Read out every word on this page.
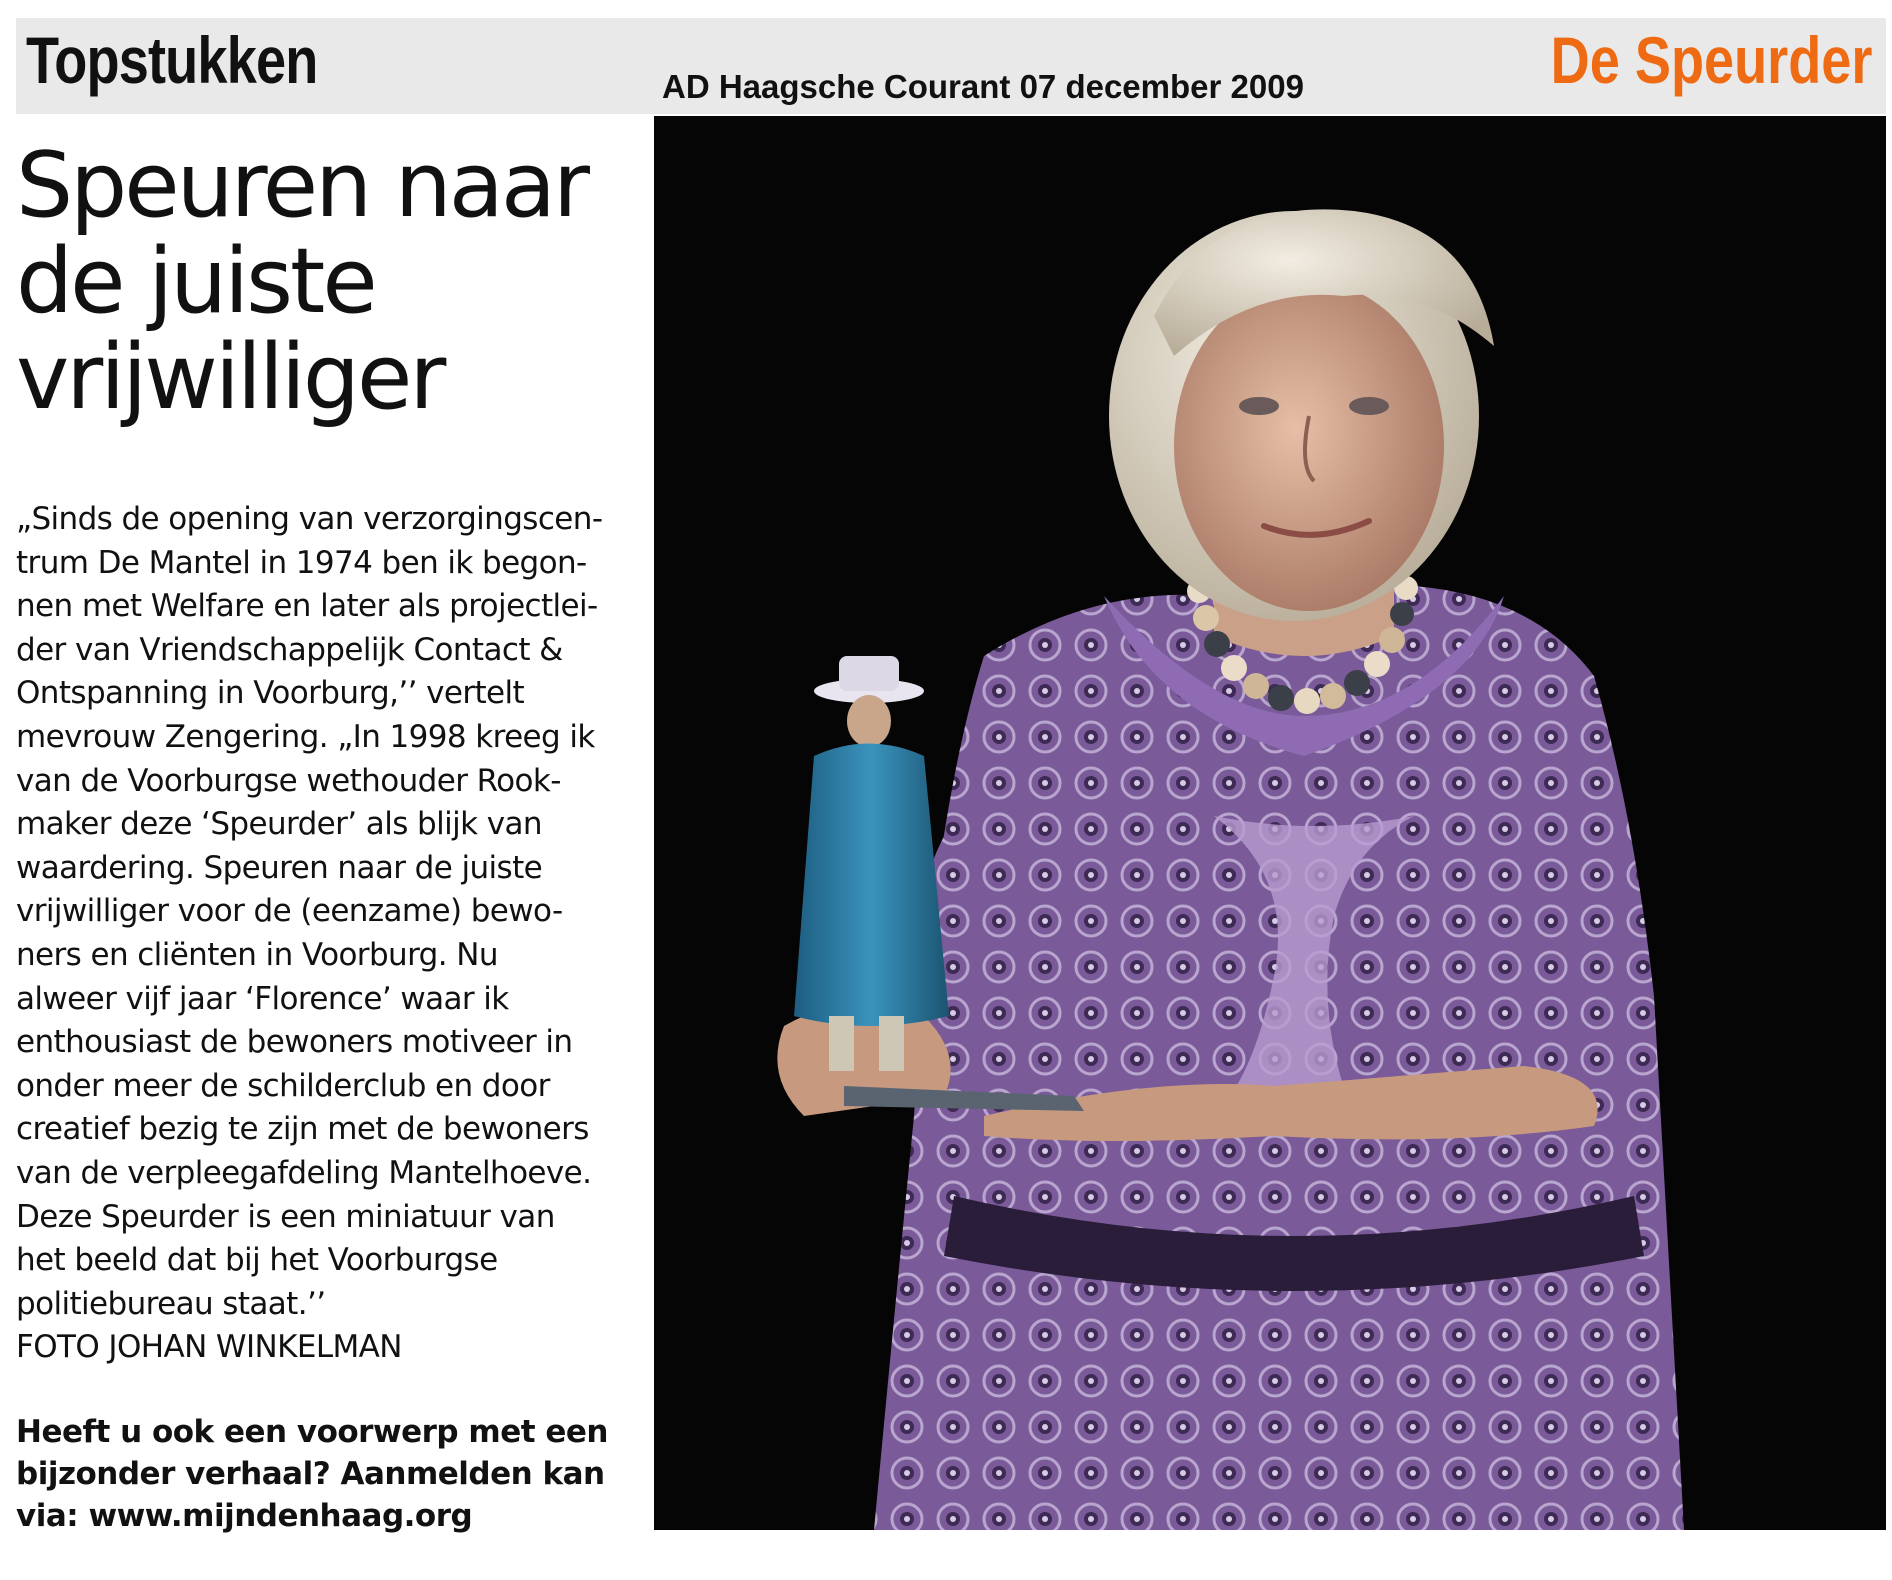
Topstukken	AD Haagsche Courant 07 december 2009	De Speurder
Speuren naar
de juiste
vrijwilliger

„Sinds de opening van verzorgingscen-

trum De Mantel in 1974 ben ik begon-

nen met Welfare en later als projectlei-

der van Vriendschappelijk Contact &

Ontspanning in Voorburg,’’ vertelt

mevrouw Zengering. „In 1998 kreeg ik

van de Voorburgse wethouder Rook-

maker deze ‘Speurder’ als blijk van

waardering. Speuren naar de juiste

vrijwilliger voor de (eenzame) bewo-

ners en cliënten in Voorburg. Nu

alweer vijf jaar ‘Florence’ waar ik

enthousiast de bewoners motiveer in

onder meer de schilderclub en door

creatief bezig te zijn met de bewoners

van de verpleegafdeling Mantelhoeve.

Deze Speurder is een miniatuur van

het beeld dat bij het Voorburgse

politiebureau staat.’’

FOTO JOHAN WINKELMAN

Heeft u ook een voorwerp met een
bijzonder verhaal? Aanmelden kan
via: www.mijndenhaag.org
